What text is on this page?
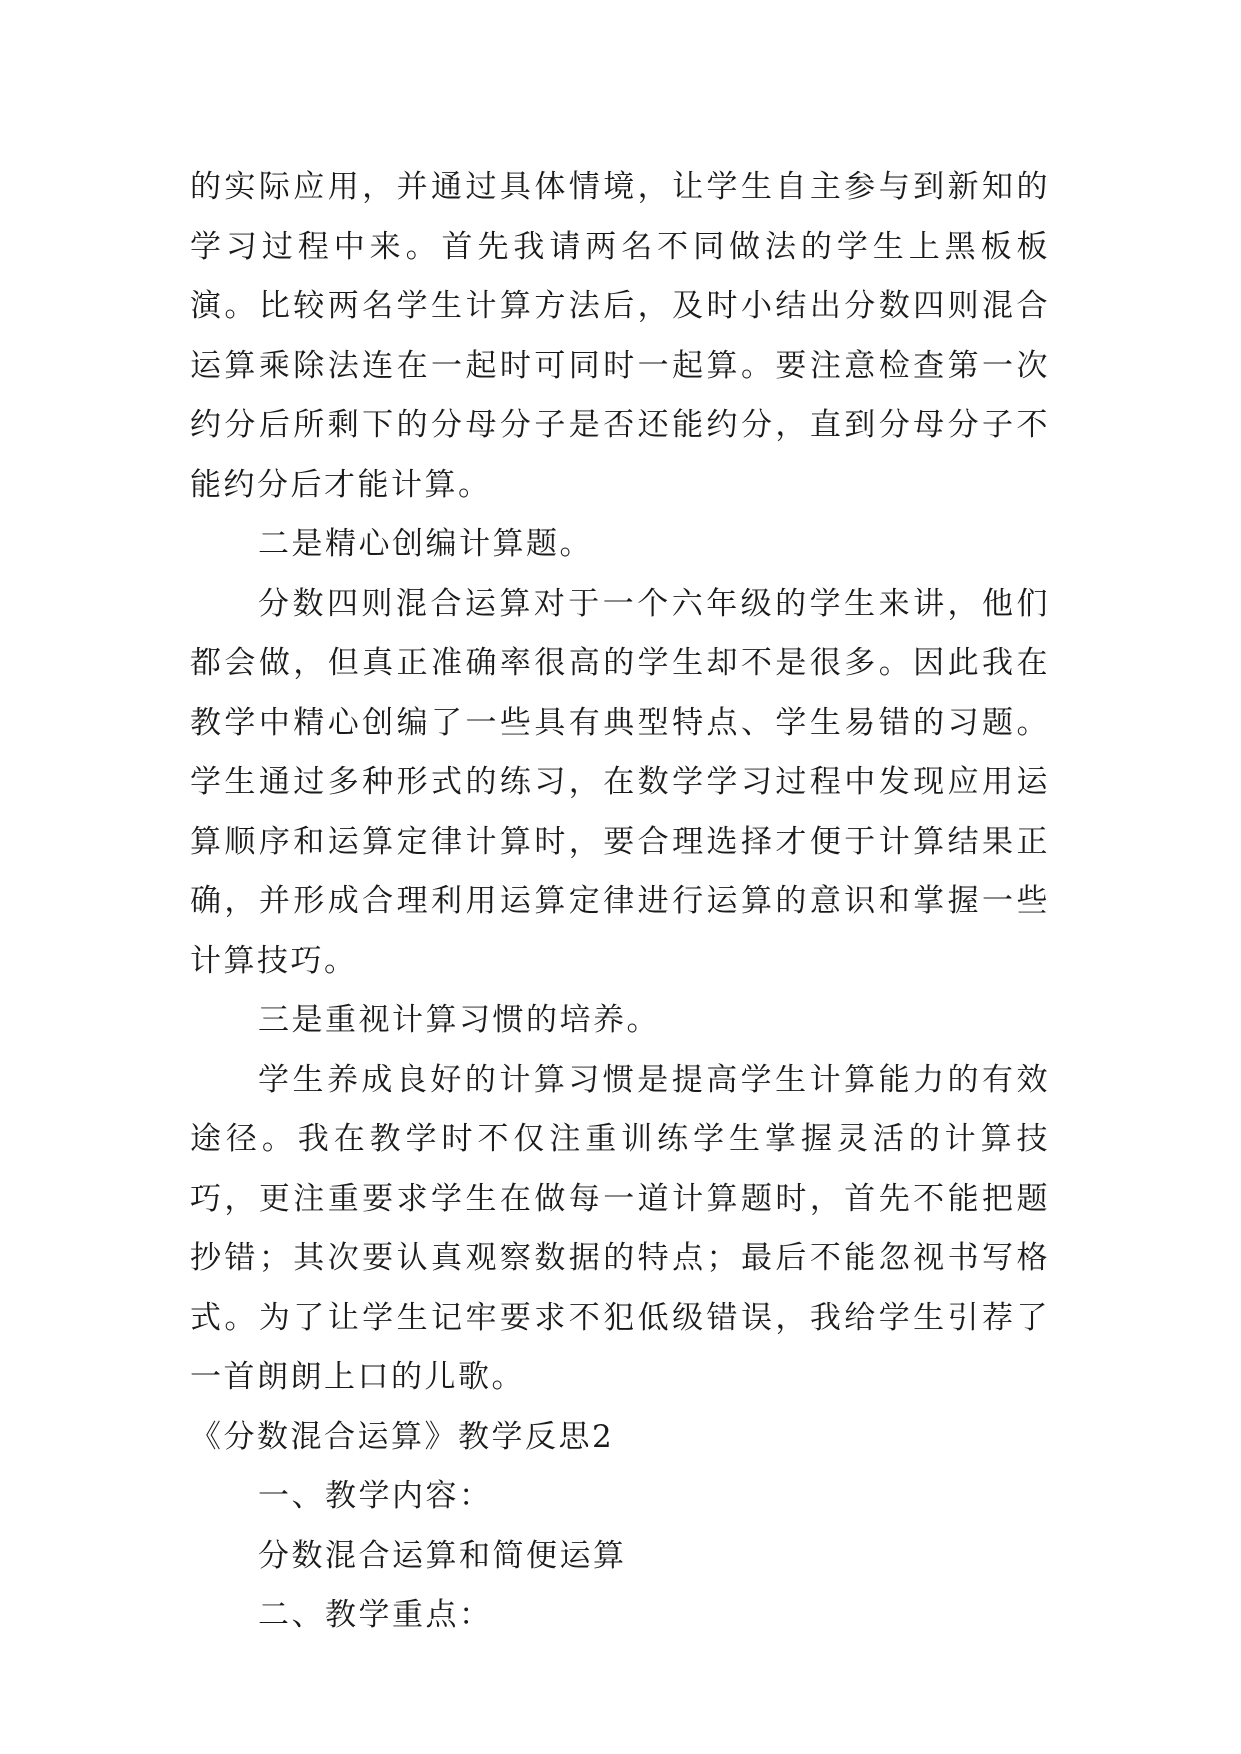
的实际应用，并通过具体情境，让学生自主参与到新知的学习过程中来。首先我请两名不同做法的学生上黑板板演。比较两名学生计算方法后，及时小结出分数四则混合运算乘除法连在一起时可同时一起算。要注意检查第一次约分后所剩下的分母分子是否还能约分，直到分母分子不能约分后才能计算。

二是精心创编计算题。

分数四则混合运算对于一个六年级的学生来讲，他们都会做，但真正准确率很高的学生却不是很多。因此我在教学中精心创编了一些具有典型特点、学生易错的习题。学生通过多种形式的练习，在数学学习过程中发现应用运算顺序和运算定律计算时，要合理选择才便于计算结果正确，并形成合理利用运算定律进行运算的意识和掌握一些计算技巧。

三是重视计算习惯的培养。

学生养成良好的计算习惯是提高学生计算能力的有效途径。我在教学时不仅注重训练学生掌握灵活的计算技巧，更注重要求学生在做每一道计算题时，首先不能把题抄错；其次要认真观察数据的特点；最后不能忽视书写格式。为了让学生记牢要求不犯低级错误，我给学生引荐了一首朗朗上口的儿歌。

《分数混合运算》教学反思2

一、教学内容：

分数混合运算和简便运算

二、教学重点：
